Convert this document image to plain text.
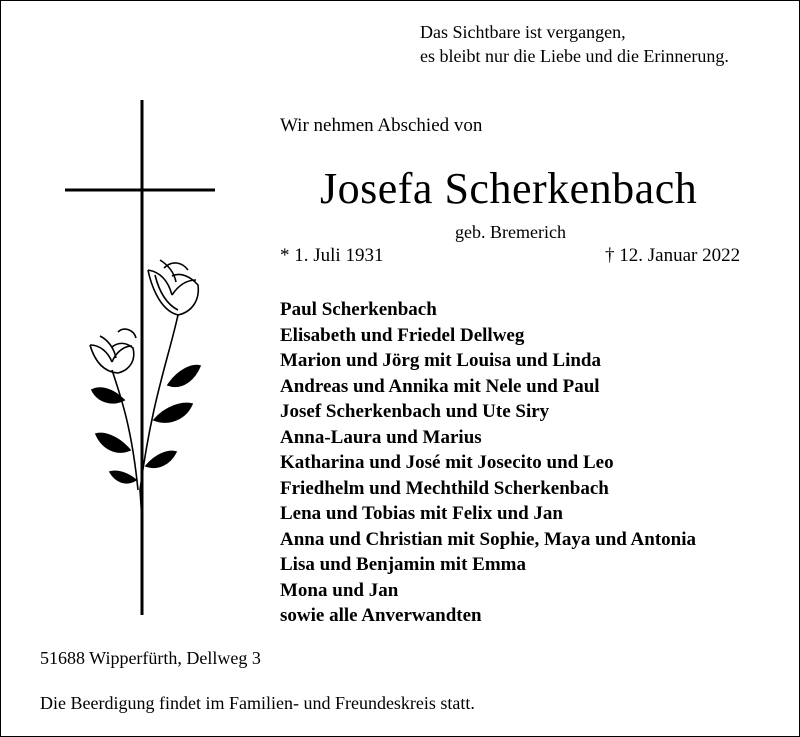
Das Sichtbare ist vergangen,
es bleibt nur die Liebe und die Erinnerung.
Wir nehmen Abschied von
Josefa Scherkenbach
geb. Bremerich
* 1. Juli 1931	† 12. Januar 2022
Paul Scherkenbach
Elisabeth und Friedel Dellweg
Marion und Jörg mit Louisa und Linda
Andreas und Annika mit Nele und Paul
Josef Scherkenbach und Ute Siry
Anna-Laura und Marius
Katharina und José mit Josecito und Leo
Friedhelm und Mechthild Scherkenbach
Lena und Tobias mit Felix und Jan
Anna und Christian mit Sophie, Maya und Antonia
Lisa und Benjamin mit Emma
Mona und Jan
sowie alle Anverwandten
51688 Wipperfürth, Dellweg 3
Die Beerdigung findet im Familien- und Freundeskreis statt.
